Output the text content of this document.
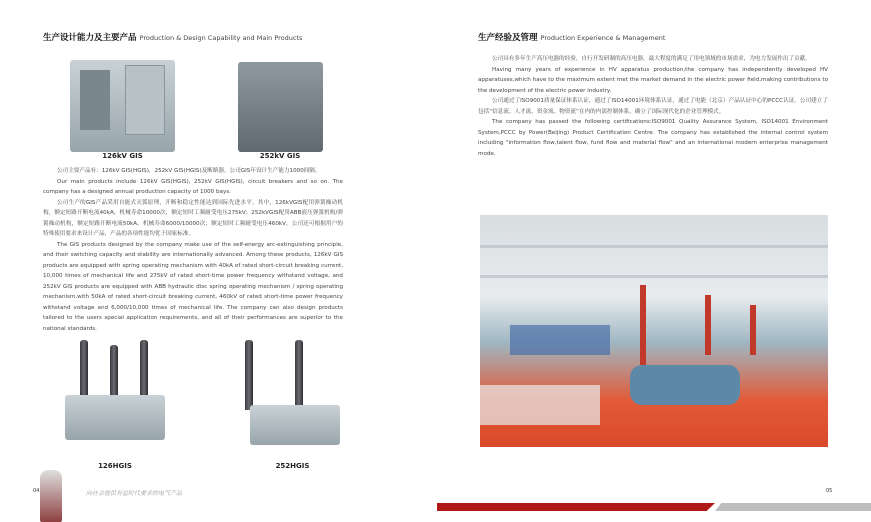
生产设计能力及主要产品 Production & Design Capability and Main Products
126kV GIS	252kV GIS

公司主要产品有：126kV GIS(HGIS)，252kV GIS(HGIS)及断路器。公司GIS年设计生产能力1000间隔。

Our main products include 126kV GIS(HGIS), 252kV GIS(HGIS), circuit breakers and so on. The company has a designed annual production capacity of 1000 bays.

公司生产的GIS产品采用自能式灭弧原理，开断和稳定性能达到国际先进水平。其中，126kVGIS配用弹簧操动机构，额定短路开断电流40kA，机械寿命10000次，额定短时工频耐受电压275kV；252kVGIS配用ABB液压弹簧机构/弹簧操动机构，额定短路开断电流50kA，机械寿命6000/10000次；额定短时工频耐受电压460kV。公司还可根据用户的特殊使用要求来设计产品，产品的各项性能均优于国家标准。

The GIS products designed by the company make use of the self-energy arc-extinguishing principle, and their switching capacity and stability are internationally advanced. Among these products, 126kV GIS products are equipped with spring operating mechanism with 40kA of rated short-circuit breaking current, 10,000 times of mechanical life and 275kV of rated short-time power frequency withstand voltage, and 252kV GIS products are equipped with ABB hydraulic disc spring operating mechanism / spring operating mechanism,with 50kA of rated short-circuit breaking current, 460kV of rated short-time power frequency withstand voltage and 6,000/10,000 times of mechanical life. The company can also design products tailored to the users special application requirements, and all of their performances are superior to the national standards.

126HGIS	252HGIS
04	向社会提供有益时代要求的电气产品
生产经验及管理 Production Experience & Management

公司具有多年生产高压电器的经验，自行开发研制的高压电器，最大程度的满足了用电领域的市场需求，为电力发展作出了贡献。

Having many years of experience in HV apparatus production,the company has independently developed HV apparatuses,which have to the maximum extent met the market demand in the electric power field,making contributions to the development of the electric power industry.

公司通过了ISO9001质量保证体系认证，通过了ISO14001环境体系认证，通过了电能（北京）产品认证中心的PCCC认证。公司建立了包括“信息流、人才流、资金流、物资流”在内的内部控制体系，确立了国际现代化的企业管理模式。

The company has passed the following certifications:ISO9001 Quality Assurance System, ISO14001 Environment System,PCCC by Power(Beijing) Product Certification Centre. The company has established the internal control system including "information flow,talent flow, fund flow and material flow" and an international modern enterprise management mode.

05
